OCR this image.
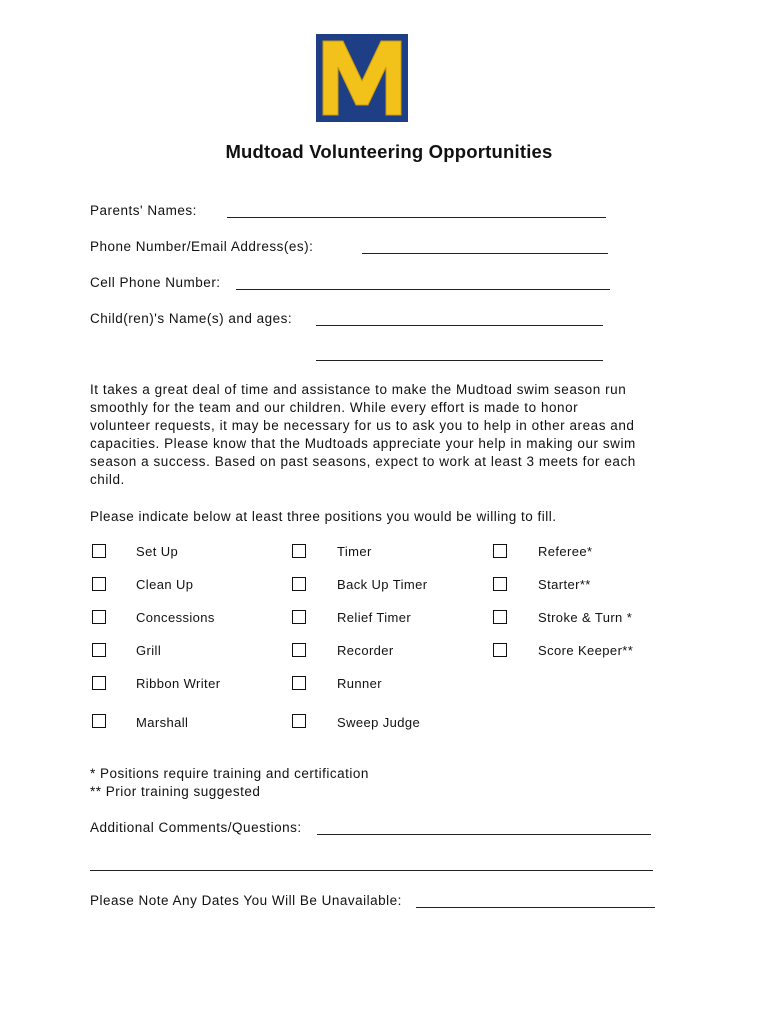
Mudtoad Volunteering Opportunities
Parents' Names:
Phone Number/Email Address(es):
Cell Phone Number:
Child(ren)'s Name(s) and ages:
It takes a great deal of time and assistance to make the Mudtoad swim season run
smoothly for the team and our children. While every effort is made to honor
volunteer requests, it may be necessary for us to ask you to help in other areas and
capacities. Please know that the Mudtoads appreciate your help in making our swim
season a success. Based on past seasons, expect to work at least 3 meets for each
child.
Please indicate below at least three positions you would be willing to fill.
Set Up
Clean Up
Concessions
Grill
Ribbon Writer
Marshall
Timer
Back Up Timer
Relief Timer
Recorder
Runner
Sweep Judge
Referee*
Starter**
Stroke & Turn *
Score Keeper**
* Positions require training and certification
** Prior training suggested
Additional Comments/Questions:
Please Note Any Dates You Will Be Unavailable:
